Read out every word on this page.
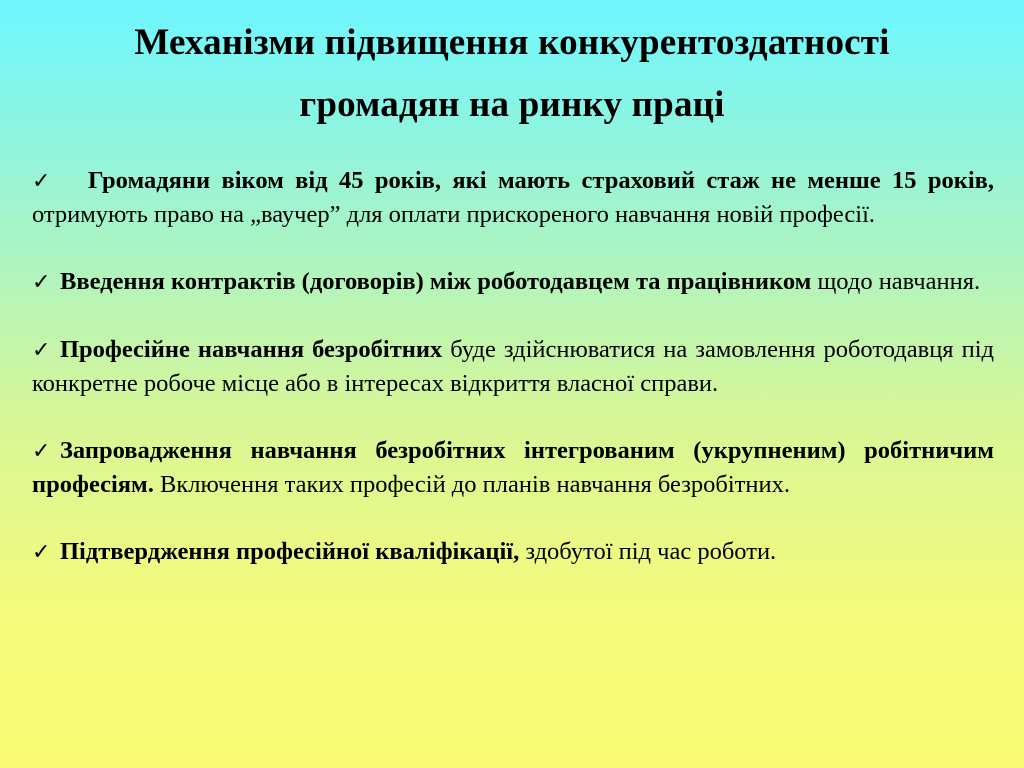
Механізми підвищення конкурентоздатності
громадян на ринку праці
✓ Громадяни віком від 45 років, які мають страховий стаж не менше 15 років, отримують право на „ваучер” для оплати прискореного навчання новій професії.
✓ Введення контрактів (договорів) між роботодавцем та працівником щодо навчання.
✓ Професійне навчання безробітних буде здійснюватися на замовлення роботодавця під конкретне робоче місце або в інтересах відкриття власної справи.
✓ Запровадження навчання безробітних інтегрованим (укрупненим) робітничим професіям. Включення таких професій до планів навчання безробітних.
✓ Підтвердження професійної кваліфікації, здобутої під час роботи.
